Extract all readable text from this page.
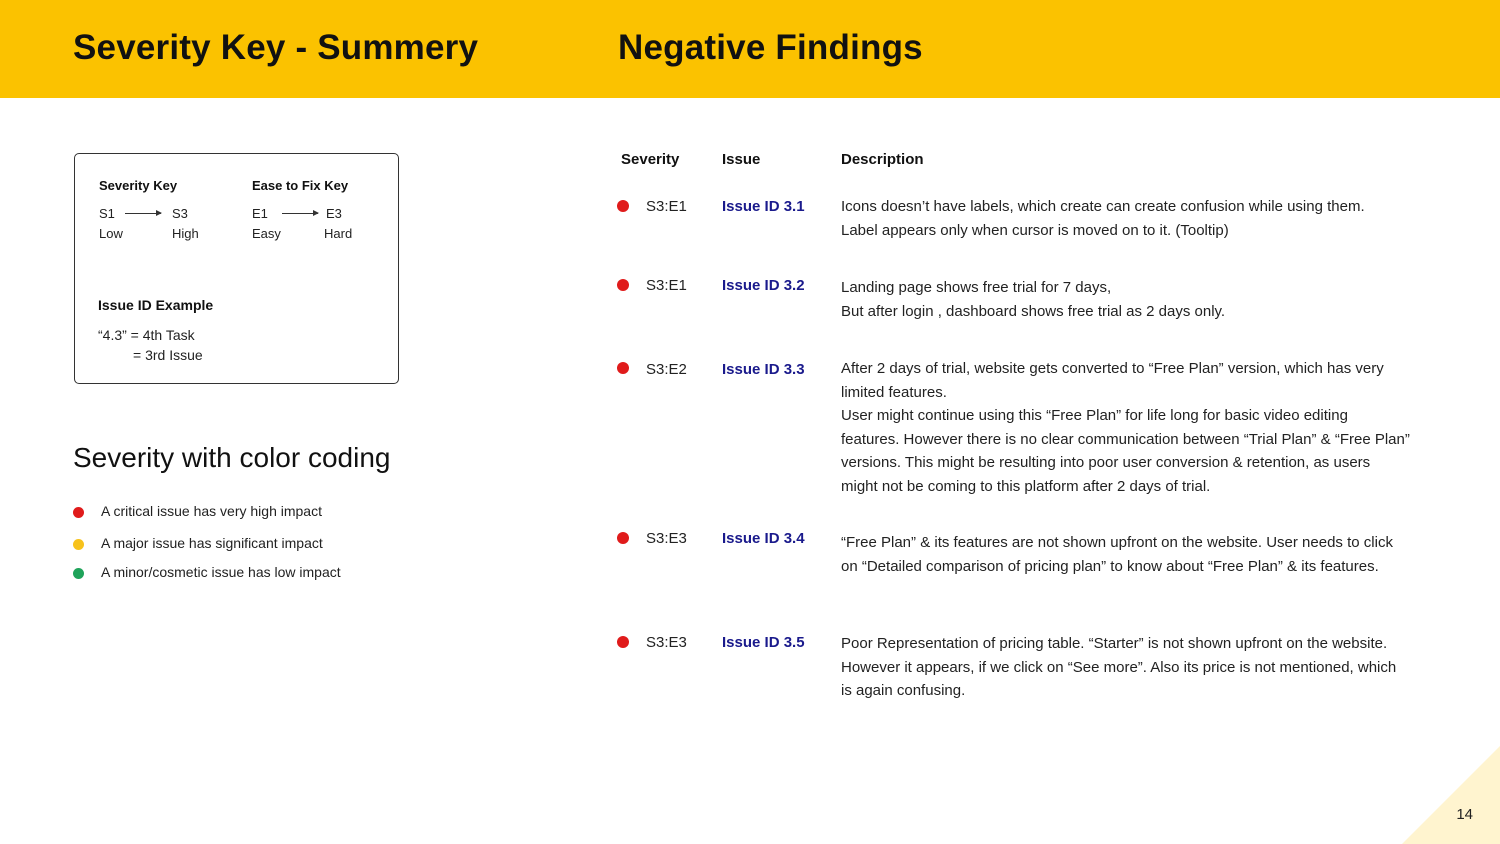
Severity Key - Summery	Negative Findings
Severity Key
S1	S3
Low	High
Ease to Fix Key
E1	E3
Easy	Hard
Issue ID Example
“4.3” = 4th Task
= 3rd Issue
Severity with color coding
A critical issue has very high impact
A major issue has significant impact
A minor/cosmetic issue has low impact
Severity	Issue	Description
S3:E1 Issue ID 3.1 Icons doesn’t have labels, which create can create confusion while using them.
Label appears only when cursor is moved on to it. (Tooltip)
S3:E1 Issue ID 3.2 Landing page shows free trial for 7 days,
But after login , dashboard shows free trial as 2 days only.
S3:E2 Issue ID 3.3 After 2 days of trial, website gets converted to “Free Plan” version, which has very
limited features.
User might continue using this “Free Plan” for life long for basic video editing
features. However there is no clear communication between “Trial Plan” & “Free Plan”
versions. This might be resulting into poor user conversion & retention, as users
might not be coming to this platform after 2 days of trial.
S3:E3 Issue ID 3.4 “Free Plan” & its features are not shown upfront on the website. User needs to click
on “Detailed comparison of pricing plan” to know about “Free Plan” & its features.
S3:E3 Issue ID 3.5 Poor Representation of pricing table. “Starter” is not shown upfront on the website.
However it appears, if we click on “See more”. Also its price is not mentioned, which
is again confusing.
14
